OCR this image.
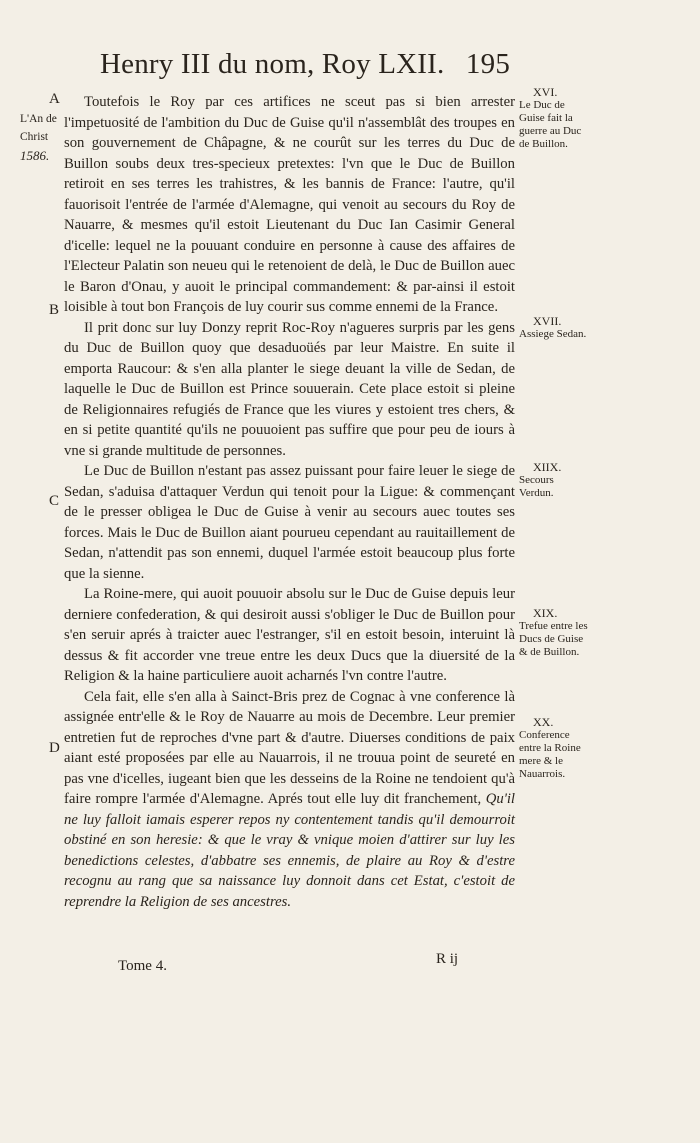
Henry III du nom, Roy LXII. 195
L'An de
Christ
1586.
A
B
C
D

Toutefois le Roy par ces artifices ne sceut pas si bien arrester l'impetuosité de l'ambition du Duc de Guise qu'il n'assemblât des troupes en son gouvernement de Châpagne, & ne courût sur les terres du Duc de Buillon soubs deux tres-specieux pretextes: l'vn que le Duc de Buillon retiroit en ses terres les trahistres, & les bannis de France: l'autre, qu'il fauorisoit l'entrée de l'armée d'Alemagne, qui venoit au secours du Roy de Nauarre, & mesmes qu'il estoit Lieutenant du Duc Ian Casimir General d'icelle: lequel ne la pouuant conduire en personne à cause des affaires de l'Electeur Palatin son neueu qui le retenoient de delà, le Duc de Buillon auec le Baron d'Onau, y auoit le principal commandement: & par-ainsi il estoit loisible à tout bon François de luy courir sus comme ennemi de la France.

Il prit donc sur luy Donzy reprit Roc-Roy n'agueres surpris par les gens du Duc de Buillon quoy que desaduoüés par leur Maistre. En suite il emporta Raucour: & s'en alla planter le siege deuant la ville de Sedan, de laquelle le Duc de Buillon est Prince souuerain. Cete place estoit si pleine de Religionnaires refugiés de France que les viures y estoient tres chers, & en si petite quantité qu'ils ne pouuoient pas suffire que pour peu de iours à vne si grande multitude de personnes.

Le Duc de Buillon n'estant pas assez puissant pour faire leuer le siege de Sedan, s'aduisa d'attaquer Verdun qui tenoit pour la Ligue: & commençant de le presser obligea le Duc de Guise à venir au secours auec toutes ses forces. Mais le Duc de Buillon aiant pourueu cependant au rauitaillement de Sedan, n'attendit pas son ennemi, duquel l'armée estoit beaucoup plus forte que la sienne.

La Roine-mere, qui auoit pouuoir absolu sur le Duc de Guise depuis leur derniere confederation, & qui desiroit aussi s'obliger le Duc de Buillon pour s'en seruir aprés à traicter auec l'estranger, s'il en estoit besoin, interuint là dessus & fit accorder vne treue entre les deux Ducs que la diuersité de la Religion & la haine particuliere auoit acharnés l'vn contre l'autre.

Cela fait, elle s'en alla à Sainct-Bris prez de Cognac à vne conference là assignée entr'elle & le Roy de Nauarre au mois de Decembre. Leur premier entretien fut de reproches d'vne part & d'autre. Diuerses conditions de paix aiant esté proposées par elle au Nauarrois, il ne trouua point de seureté en pas vne d'icelles, iugeant bien que les desseins de la Roine ne tendoient qu'à faire rompre l'armée d'Alemagne. Aprés tout elle luy dit franchement, Qu'il ne luy falloit iamais esperer repos ny contentement tandis qu'il demourroit obstiné en son heresie: & que le vray & vnique moien d'attirer sur luy les benedictions celestes, d'abbatre ses ennemis, de plaire au Roy & d'estre recognu au rang que sa naissance luy donnoit dans cet Estat, c'estoit de reprendre la Religion de ses ancestres.

XVI.
Le Duc de Guise fait la guerre au Duc de Buillon.
XVII.
Assiege Sedan.
XIIX.
Secours Verdun.
XIX.
Trefue entre les Ducs de Guise & de Buillon.
XX.
Conference entre la Roine mere & le Nauarrois.
Tome 4.	R ij
